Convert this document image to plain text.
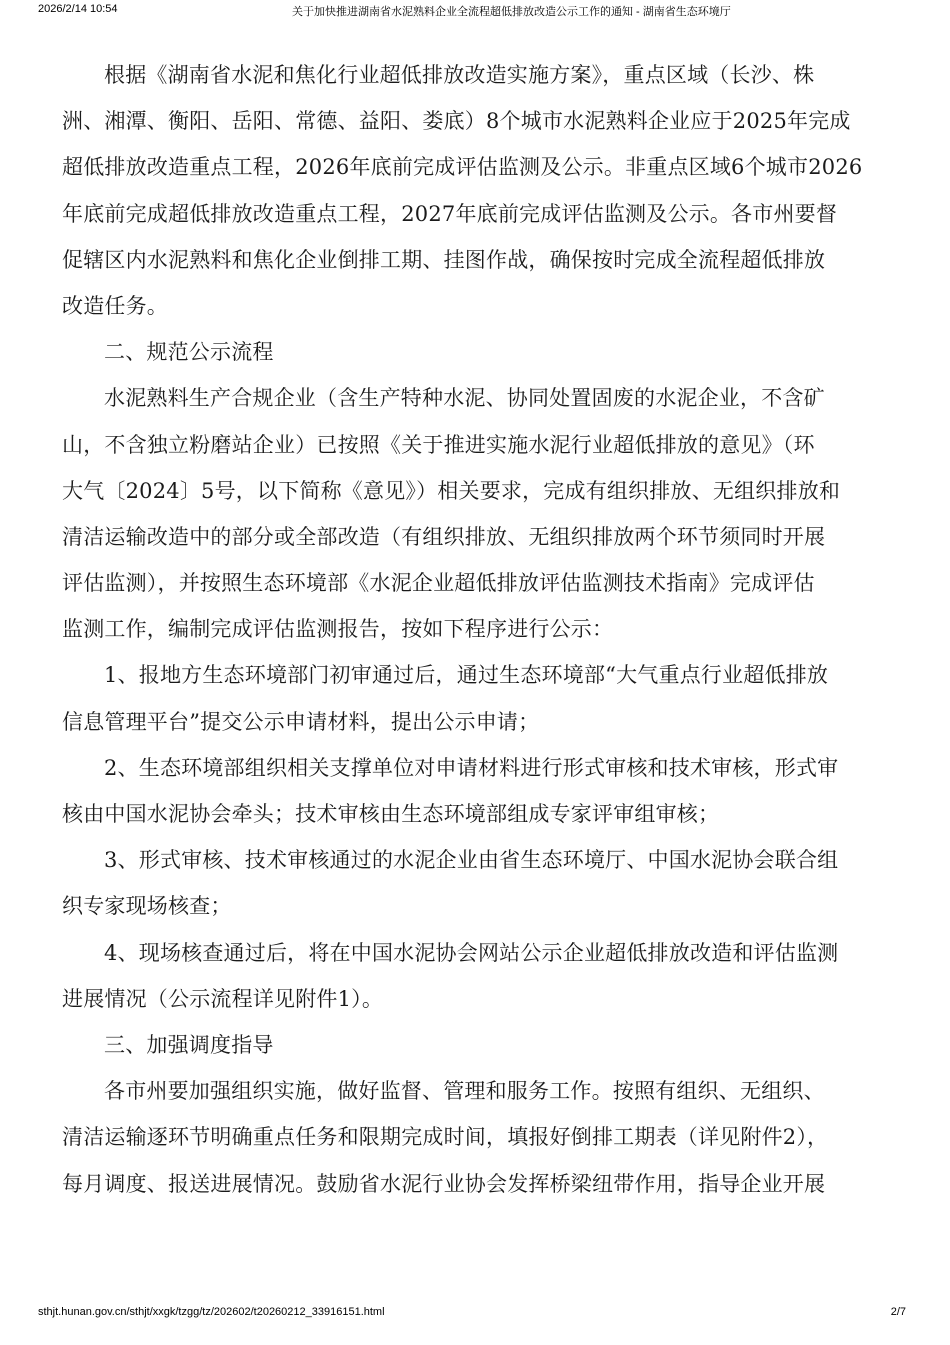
2026/2/14 10:54	关于加快推进湖南省水泥熟料企业全流程超低排放改造公示工作的通知 - 湖南省生态环境厅
根据《湖南省水泥和焦化行业超低排放改造实施方案》，重点区域（长沙、株
洲、湘潭、衡阳、岳阳、常德、益阳、娄底）8个城市水泥熟料企业应于2025年完成
超低排放改造重点工程，2026年底前完成评估监测及公示。非重点区域6个城市2026
年底前完成超低排放改造重点工程，2027年底前完成评估监测及公示。各市州要督
促辖区内水泥熟料和焦化企业倒排工期、挂图作战，确保按时完成全流程超低排放
改造任务。
二、规范公示流程
水泥熟料生产合规企业（含生产特种水泥、协同处置固废的水泥企业，不含矿
山，不含独立粉磨站企业）已按照《关于推进实施水泥行业超低排放的意见》（环
大气〔2024〕5号，以下简称《意见》）相关要求，完成有组织排放、无组织排放和
清洁运输改造中的部分或全部改造（有组织排放、无组织排放两个环节须同时开展
评估监测），并按照生态环境部《水泥企业超低排放评估监测技术指南》完成评估
监测工作，编制完成评估监测报告，按如下程序进行公示：
1、报地方生态环境部门初审通过后，通过生态环境部“大气重点行业超低排放
信息管理平台”提交公示申请材料，提出公示申请；
2、生态环境部组织相关支撑单位对申请材料进行形式审核和技术审核，形式审
核由中国水泥协会牵头；技术审核由生态环境部组成专家评审组审核；
3、形式审核、技术审核通过的水泥企业由省生态环境厅、中国水泥协会联合组
织专家现场核查；
4、现场核查通过后，将在中国水泥协会网站公示企业超低排放改造和评估监测
进展情况（公示流程详见附件1）。
三、加强调度指导
各市州要加强组织实施，做好监督、管理和服务工作。按照有组织、无组织、
清洁运输逐环节明确重点任务和限期完成时间，填报好倒排工期表（详见附件2），
每月调度、报送进展情况。鼓励省水泥行业协会发挥桥梁纽带作用，指导企业开展
sthjt.hunan.gov.cn/sthjt/xxgk/tzgg/tz/202602/t20260212_33916151.html	2/7
